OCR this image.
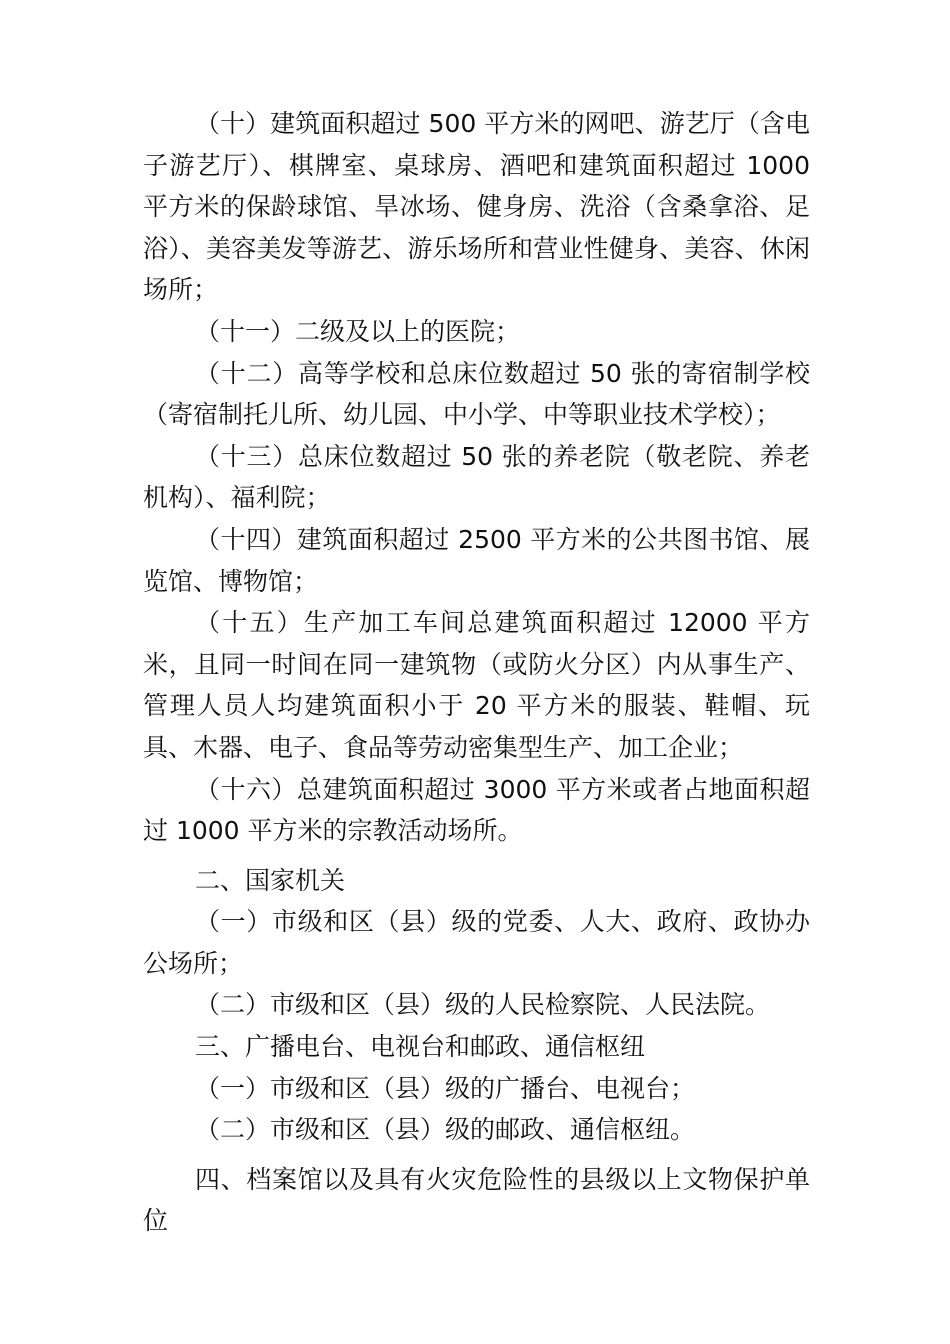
（十）建筑面积超过 500 平方米的网吧、游艺厅（含电子游艺厅）、棋牌室、桌球房、酒吧和建筑面积超过 1000 平方米的保龄球馆、旱冰场、健身房、洗浴（含桑拿浴、足浴）、美容美发等游艺、游乐场所和营业性健身、美容、休闲场所；

（十一）二级及以上的医院；

（十二）高等学校和总床位数超过 50 张的寄宿制学校（寄宿制托儿所、幼儿园、中小学、中等职业技术学校）；

（十三）总床位数超过 50 张的养老院（敬老院、养老机构）、福利院；

（十四）建筑面积超过 2500 平方米的公共图书馆、展览馆、博物馆；

（十五）生产加工车间总建筑面积超过 12000 平方米，且同一时间在同一建筑物（或防火分区）内从事生产、管理人员人均建筑面积小于 20 平方米的服装、鞋帽、玩具、木器、电子、食品等劳动密集型生产、加工企业；

（十六）总建筑面积超过 3000 平方米或者占地面积超过 1000 平方米的宗教活动场所。

二、国家机关

（一）市级和区（县）级的党委、人大、政府、政协办公场所；

（二）市级和区（县）级的人民检察院、人民法院。

三、广播电台、电视台和邮政、通信枢纽

（一）市级和区（县）级的广播台、电视台；

（二）市级和区（县）级的邮政、通信枢纽。

四、档案馆以及具有火灾危险性的县级以上文物保护单位
